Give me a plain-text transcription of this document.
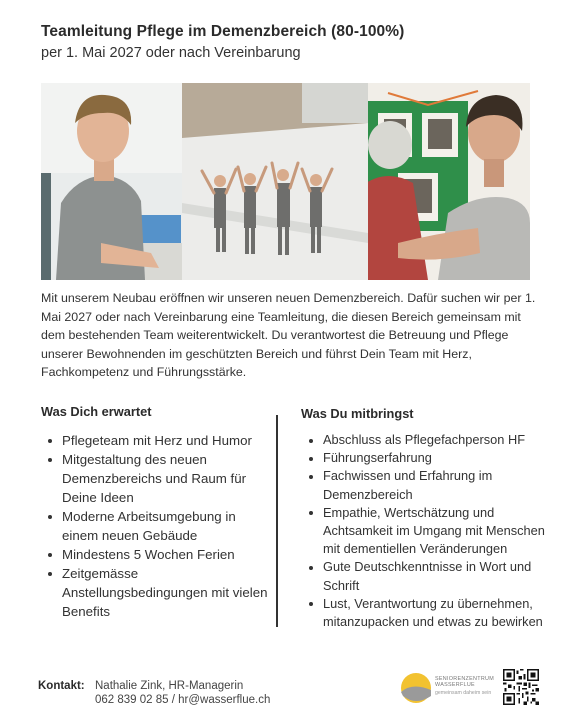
Teamleitung Pflege im Demenzbereich (80-100%)
per 1. Mai 2027 oder nach Vereinbarung
Mit unserem Neubau eröffnen wir unseren neuen Demenzbereich. Dafür suchen wir per 1. Mai 2027 oder nach Vereinbarung eine Teamleitung, die diesen Bereich gemeinsam mit dem bestehenden Team weiterentwickelt. Du verantwortest die Betreuung und Pflege unserer Bewohnenden im geschützten Bereich und führst Dein Team mit Herz, Fachkompetenz und Führungsstärke.
Was Dich erwartet	Was Du mitbringst
Pflegeteam mit Herz und Humor
Mitgestaltung des neuen Demenzbereichs und Raum für Deine Ideen
Moderne Arbeitsumgebung in einem neuen Gebäude
Mindestens 5 Wochen Ferien
Zeitgemässe Anstellungsbedingungen mit vielen Benefits
Abschluss als Pflegefachperson HF
Führungserfahrung
Fachwissen und Erfahrung im Demenzbereich
Empathie, Wertschätzung und Achtsamkeit im Umgang mit Menschen mit dementiellen Veränderungen
Gute Deutschkenntnisse in Wort und Schrift
Lust, Verantwortung zu übernehmen, mitanzupacken und etwas zu bewirken
Kontakt: Nathalie Zink, HR-Managerin
062 839 02 85 / hr@wasserflue.ch
SENIORENZENTRUM
WASSERFLUE
gemeinsam daheim sein
